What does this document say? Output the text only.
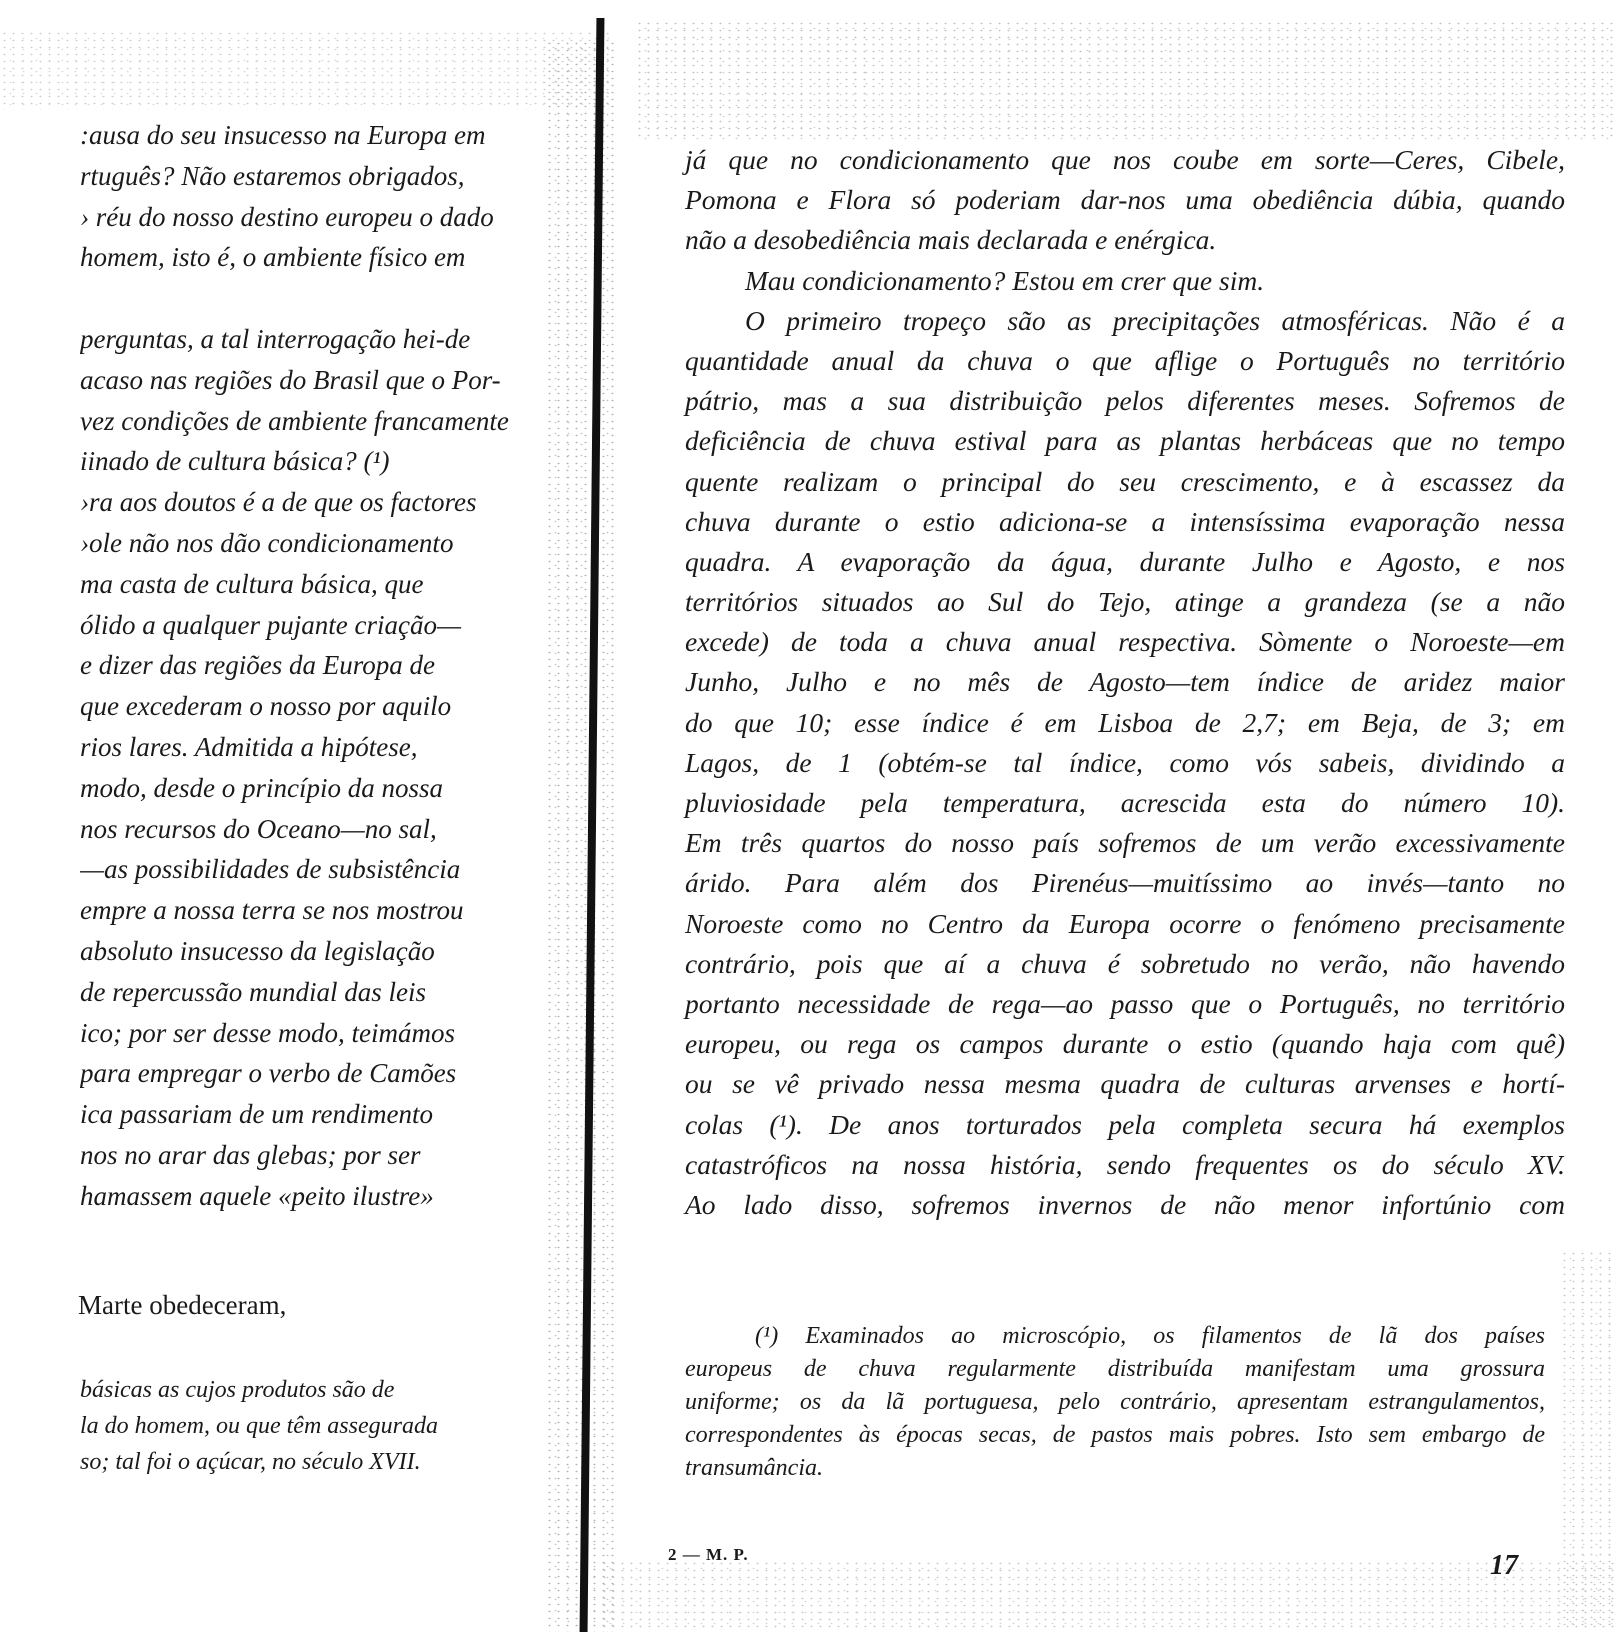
:ausa do seu insucesso na Europa em
rtuguês? Não estaremos obrigados,
› réu do nosso destino europeu o dado
homem, isto é, o ambiente físico em
perguntas, a tal interrogação hei-de
acaso nas regiões do Brasil que o Por-
vez condições de ambiente francamente
iinado de cultura básica? (¹)
›ra aos doutos é a de que os factores
›ole não nos dão condicionamento
ma casta de cultura básica, que
ólido a qualquer pujante criação—
e dizer das regiões da Europa de
que excederam o nosso por aquilo
rios lares. Admitida a hipótese,
modo, desde o princípio da nossa
nos recursos do Oceano—no sal,
—as possibilidades de subsistência
empre a nossa terra se nos mostrou
absoluto insucesso da legislação
de repercussão mundial das leis
ico; por ser desse modo, teimámos
para empregar o verbo de Camões
ica passariam de um rendimento
nos no arar das glebas; por ser
hamassem aquele «peito ilustre»
Marte obedeceram,
básicas as cujos produtos são de
la do homem, ou que têm assegurada
so; tal foi o açúcar, no século XVII.
já que no condicionamento que nos coube em sorte—Ceres, Cibele,
Pomona e Flora só poderiam dar-nos uma obediência dúbia, quando
não a desobediência mais declarada e enérgica.
Mau condicionamento? Estou em crer que sim.
O primeiro tropeço são as precipitações atmosféricas. Não é a
quantidade anual da chuva o que aflige o Português no território
pátrio, mas a sua distribuição pelos diferentes meses. Sofremos de
deficiência de chuva estival para as plantas herbáceas que no tempo
quente realizam o principal do seu crescimento, e à escassez da
chuva durante o estio adiciona-se a intensíssima evaporação nessa
quadra. A evaporação da água, durante Julho e Agosto, e nos
territórios situados ao Sul do Tejo, atinge a grandeza (se a não
excede) de toda a chuva anual respectiva. Sòmente o Noroeste—em
Junho, Julho e no mês de Agosto—tem índice de aridez maior
do que 10; esse índice é em Lisboa de 2,7; em Beja, de 3; em
Lagos, de 1 (obtém-se tal índice, como vós sabeis, dividindo a
pluviosidade pela temperatura, acrescida esta do número 10).
Em três quartos do nosso país sofremos de um verão excessivamente
árido. Para além dos Pirenéus—muitíssimo ao invés—tanto no
Noroeste como no Centro da Europa ocorre o fenómeno precisamente
contrário, pois que aí a chuva é sobretudo no verão, não havendo
portanto necessidade de rega—ao passo que o Português, no território
europeu, ou rega os campos durante o estio (quando haja com quê)
ou se vê privado nessa mesma quadra de culturas arvenses e hortí-
colas (¹). De anos torturados pela completa secura há exemplos
catastróficos na nossa história, sendo frequentes os do século XV.
Ao lado disso, sofremos invernos de não menor infortúnio com
(¹) Examinados ao microscópio, os filamentos de lã dos países
europeus de chuva regularmente distribuída manifestam uma grossura
uniforme; os da lã portuguesa, pelo contrário, apresentam estrangulamentos,
correspondentes às épocas secas, de pastos mais pobres. Isto sem embargo de
transumância.
2 — M. P.	17
